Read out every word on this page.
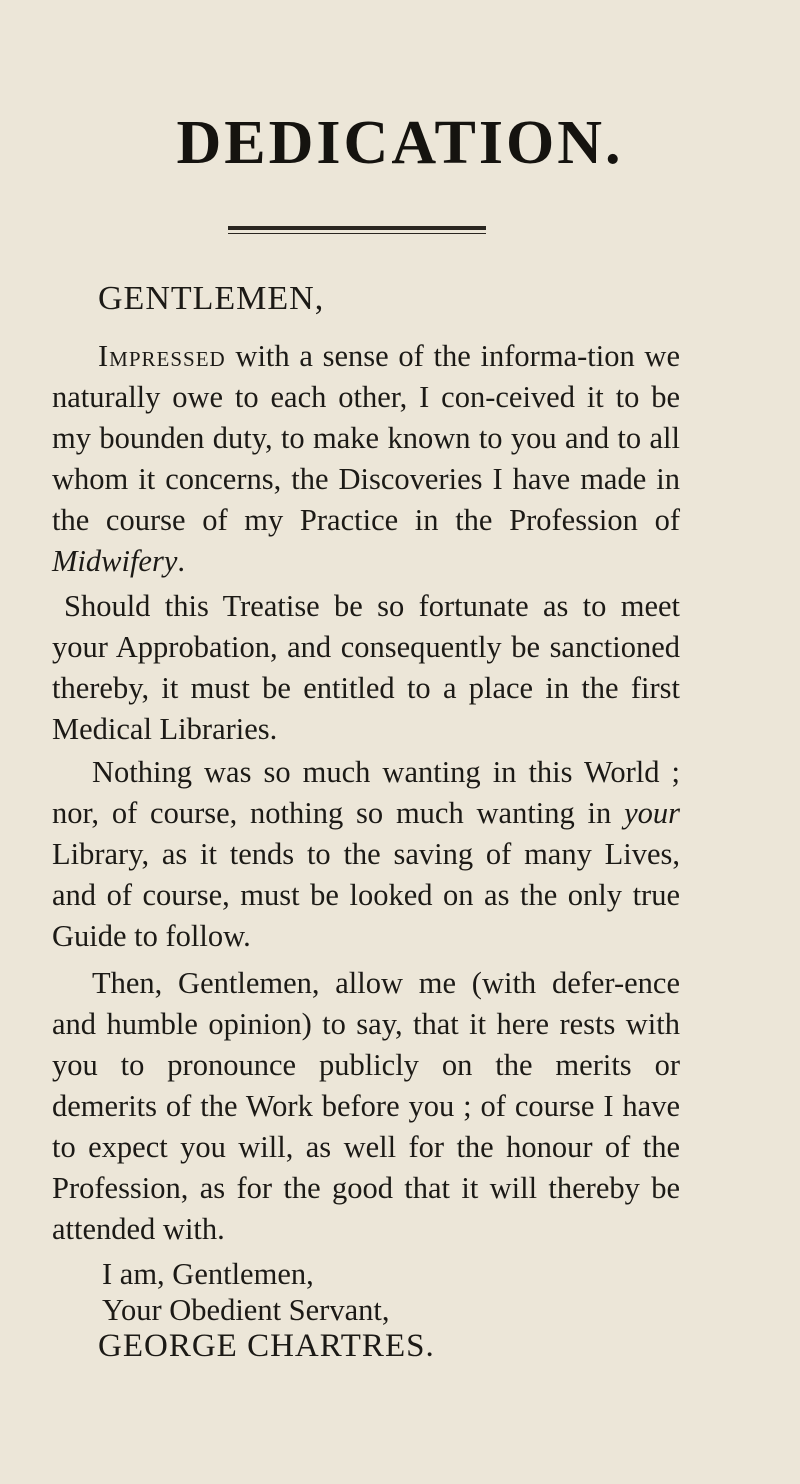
DEDICATION.
GENTLEMEN,
Impressed with a sense of the informa-tion we naturally owe to each other, I con-ceived it to be my bounden duty, to make known to you and to all whom it concerns, the Discoveries I have made in the course of my Practice in the Profession of Midwifery.
Should this Treatise be so fortunate as to meet your Approbation, and consequently be sanctioned thereby, it must be entitled to a place in the first Medical Libraries.
Nothing was so much wanting in this World ; nor, of course, nothing so much wanting in your Library, as it tends to the saving of many Lives, and of course, must be looked on as the only true Guide to follow.
Then, Gentlemen, allow me (with defer-ence and humble opinion) to say, that it here rests with you to pronounce publicly on the merits or demerits of the Work before you ; of course I have to expect you will, as well for the honour of the Profession, as for the good that it will thereby be attended with.
I am, Gentlemen,
Your Obedient Servant,
GEORGE CHARTRES.
